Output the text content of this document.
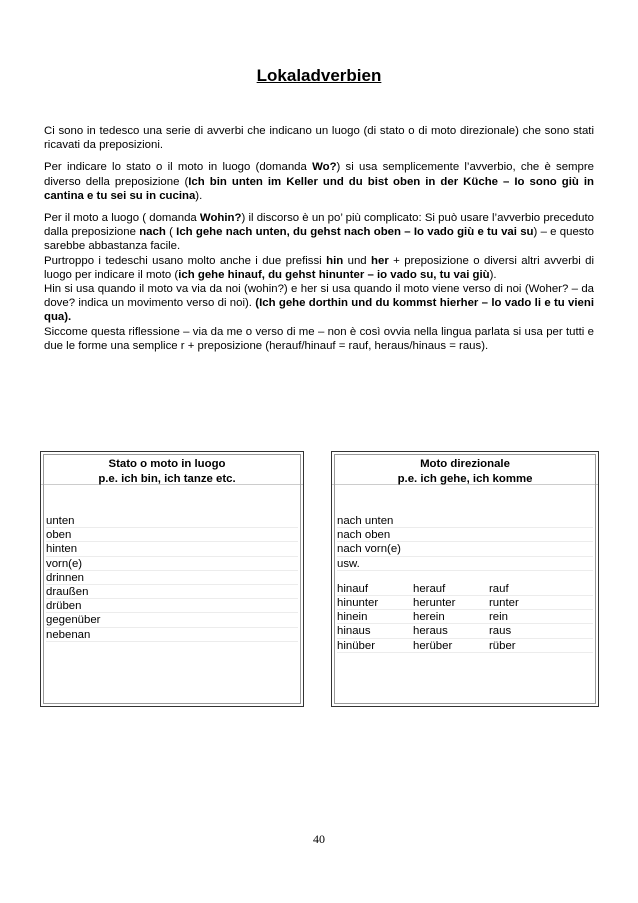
Lokaladverbien

Ci sono in tedesco una serie di avverbi che indicano un luogo (di stato o di moto direzionale) che sono stati ricavati da preposizioni.

Per indicare lo stato o il moto in luogo (domanda Wo?) si usa semplicemente l’avverbio, che è sempre diverso della preposizione (Ich bin unten im Keller und du bist oben in der Küche – Io sono giù in cantina e tu sei su in cucina).

Per il moto a luogo ( domanda Wohin?) il discorso è un po’ più complicato: Si può usare l’avverbio preceduto dalla preposizione nach ( Ich gehe nach unten, du gehst nach oben – Io vado giù e tu vai su) – e questo sarebbe abbastanza facile.

Purtroppo i tedeschi usano molto anche i due prefissi hin und her + preposizione o diversi altri avverbi di luogo per indicare il moto (ich gehe hinauf, du gehst hinunter – io vado su, tu vai giù).

Hin si usa quando il moto va via da noi (wohin?) e her si usa quando il moto viene verso di noi (Woher? – da dove? indica un movimento verso di noi). (Ich gehe dorthin und du kommst hierher – lo vado li e tu vieni qua).

Siccome questa riflessione – via da me o verso di me – non è così ovvia nella lingua parlata si usa per tutti e due le forme una semplice r + preposizione (herauf/hinauf = rauf, heraus/hinaus = raus).

Stato o moto in luogo
p.e. ich bin, ich tanze etc.
unten
oben
hinten
vorn(e)
drinnen
draußen
drüben
gegenüber
nebenan
Moto direzionale
p.e. ich gehe, ich komme
nach unten
nach oben
nach vorn(e)
usw.
hinauf	herauf	rauf
hinunter	herunter	runter
hinein	herein	rein
hinaus	heraus	raus
hinüber	herüber	rüber
40
